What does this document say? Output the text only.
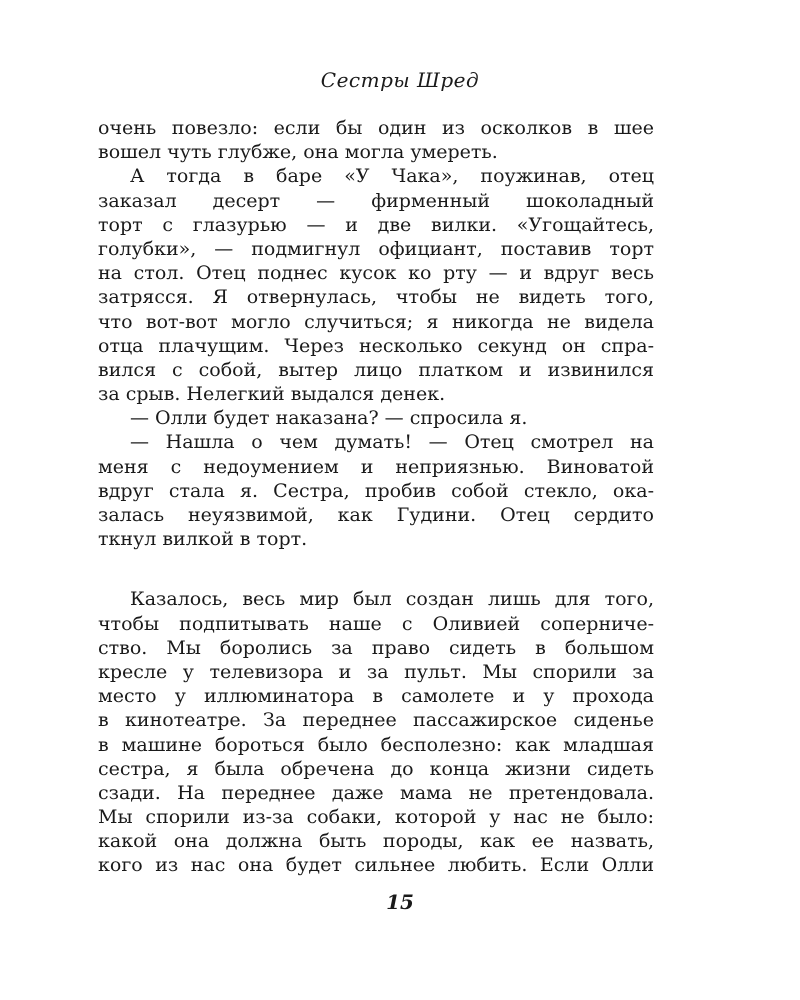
Сестры Шред
очень повезло: если бы один из осколков в шее
вошел чуть глубже, она могла умереть.
А тогда в баре «У Чака», поужинав, отец
заказал десерт — фирменный шоколадный
торт с глазурью — и две вилки. «Угощайтесь,
голубки», — подмигнул официант, поставив торт
на стол. Отец поднес кусок ко рту — и вдруг весь
затрясся. Я отвернулась, чтобы не видеть того,
что вот-вот могло случиться; я никогда не видела
отца плачущим. Через несколько секунд он спра-
вился с собой, вытер лицо платком и извинился
за срыв. Нелегкий выдался денек.
— Олли будет наказана? — спросила я.
— Нашла о чем думать! — Отец смотрел на
меня с недоумением и неприязнью. Виноватой
вдруг стала я. Сестра, пробив собой стекло, ока-
залась неуязвимой, как Гудини. Отец сердито
ткнул вилкой в торт.
Казалось, весь мир был создан лишь для того,
чтобы подпитывать наше с Оливией соперниче-
ство. Мы боролись за право сидеть в большом
кресле у телевизора и за пульт. Мы спорили за
место у иллюминатора в самолете и у прохода
в кинотеатре. За переднее пассажирское сиденье
в машине бороться было бесполезно: как младшая
сестра, я была обречена до конца жизни сидеть
сзади. На переднее даже мама не претендовала.
Мы спорили из-за собаки, которой у нас не было:
какой она должна быть породы, как ее назвать,
кого из нас она будет сильнее любить. Если Олли
15
